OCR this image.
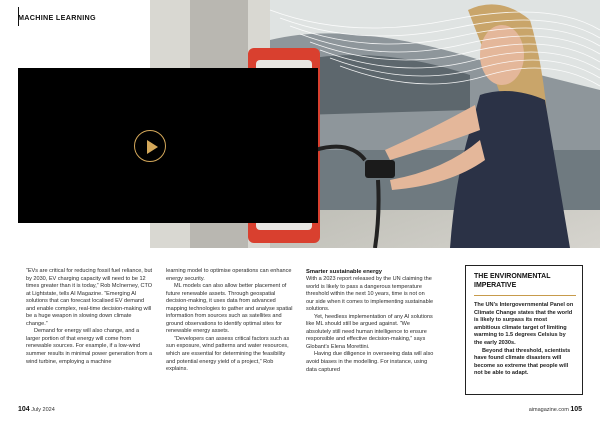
MACHINE LEARNING

“EVs are critical for reducing fossil fuel reliance, but by 2030, EV charging capacity will need to be 12 times greater than it is today,” Rob McInerney, CTO at Lightstate, tells AI Magazine. “Emerging AI solutions that can forecast localised EV demand and enable complex, real-time decision-making will be a huge weapon in slowing down climate change.”

Demand for energy will also change, and a larger portion of that energy will come from renewable sources. For example, if a low-wind summer results in minimal power generation from a wind turbine, employing a machine

learning model to optimise operations can enhance energy security.

ML models can also allow better placement of future renewable assets. Through geospatial decision-making, it uses data from advanced mapping technologies to gather and analyse spatial information from sources such as satellites and ground observations to identify optimal sites for renewable energy assets.

“Developers can assess critical factors such as sun exposure, wind patterns and water resources, which are essential for determining the feasibility and potential energy yield of a project,” Rob explains.

Smarter sustainable energy

With a 2023 report released by the UN claiming the world is likely to pass a dangerous temperature threshold within the next 10 years, time is not on our side when it comes to implementing sustainable solutions.

Yet, heedless implementation of any AI solutions like ML should still be argued against. “We absolutely still need human intelligence to ensure responsible and effective decision-making,” says Globant’s Elena Morettini.

Having due diligence in overseeing data will also avoid biases in the modelling. For instance, using data captured

THE ENVIRONMENTAL IMPERATIVE

The UN’s Intergovernmental Panel on Climate Change states that the world is likely to surpass its most ambitious climate target of limiting warming to 1.5 degrees Celsius by the early 2030s.

Beyond that threshold, scientists have found climate disasters will become so extreme that people will not be able to adapt.

104 July 2024	aimagazine.com 105
